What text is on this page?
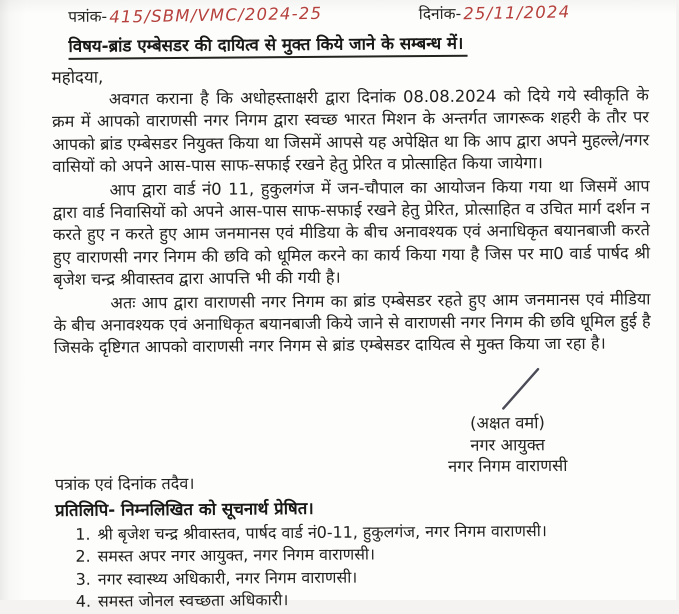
पत्रांक- 415/SBM/VMC/2024-25	दिनांक- 25/11/2024
विषय-ब्रांड एम्बेसडर की दायित्व से मुक्त किये जाने के सम्बन्ध में।
महोदया,

अवगत कराना है कि अधोहस्ताक्षरी द्वारा दिनांक 08.08.2024 को दिये गये स्वीकृति के क्रम में आपको वाराणसी नगर निगम द्वारा स्वच्छ भारत मिशन के अन्तर्गत जागरूक शहरी के तौर पर आपको ब्रांड एम्बेसडर नियुक्त किया था जिसमें आपसे यह अपेक्षित था कि आप द्वारा अपने मुहल्ले/नगर वासियों को अपने आस-पास साफ-सफाई रखने हेतु प्रेरित व प्रोत्साहित किया जायेगा।

आप द्वारा वार्ड नं0 11, हुकुलगंज में जन-चौपाल का आयोजन किया गया था जिसमें आप द्वारा वार्ड निवासियों को अपने आस-पास साफ-सफाई रखने हेतु प्रेरित, प्रोत्साहित व उचित मार्ग दर्शन न करते हुए न करते हुए आम जनमानस एवं मीडिया के बीच अनावश्यक एवं अनाधिकृत बयानबाजी करते हुए वाराणसी नगर निगम की छवि को धूमिल करने का कार्य किया गया है जिस पर मा0 वार्ड पार्षद श्री बृजेश चन्द्र श्रीवास्तव द्वारा आपत्ति भी की गयी है।

अतः आप द्वारा वाराणसी नगर निगम का ब्रांड एम्बेसडर रहते हुए आम जनमानस एवं मीडिया के बीच अनावश्यक एवं अनाधिकृत बयानबाजी किये जाने से वाराणसी नगर निगम की छवि धूमिल हुई है जिसके दृष्टिगत आपको वाराणसी नगर निगम से ब्रांड एम्बेसडर दायित्व से मुक्त किया जा रहा है।

(अक्षत वर्मा)
नगर आयुक्त
नगर निगम वाराणसी
पत्रांक एवं दिनांक तदैव।
प्रतिलिपि- निम्नलिखित को सूचनार्थ प्रेषित।
1. श्री बृजेश चन्द्र श्रीवास्तव, पार्षद वार्ड नं0-11, हुकुलगंज, नगर निगम वाराणसी।
2. समस्त अपर नगर आयुक्त, नगर निगम वाराणसी।
3. नगर स्वास्थ्य अधिकारी, नगर निगम वाराणसी।
4. समस्त जोनल स्वच्छता अधिकारी।
